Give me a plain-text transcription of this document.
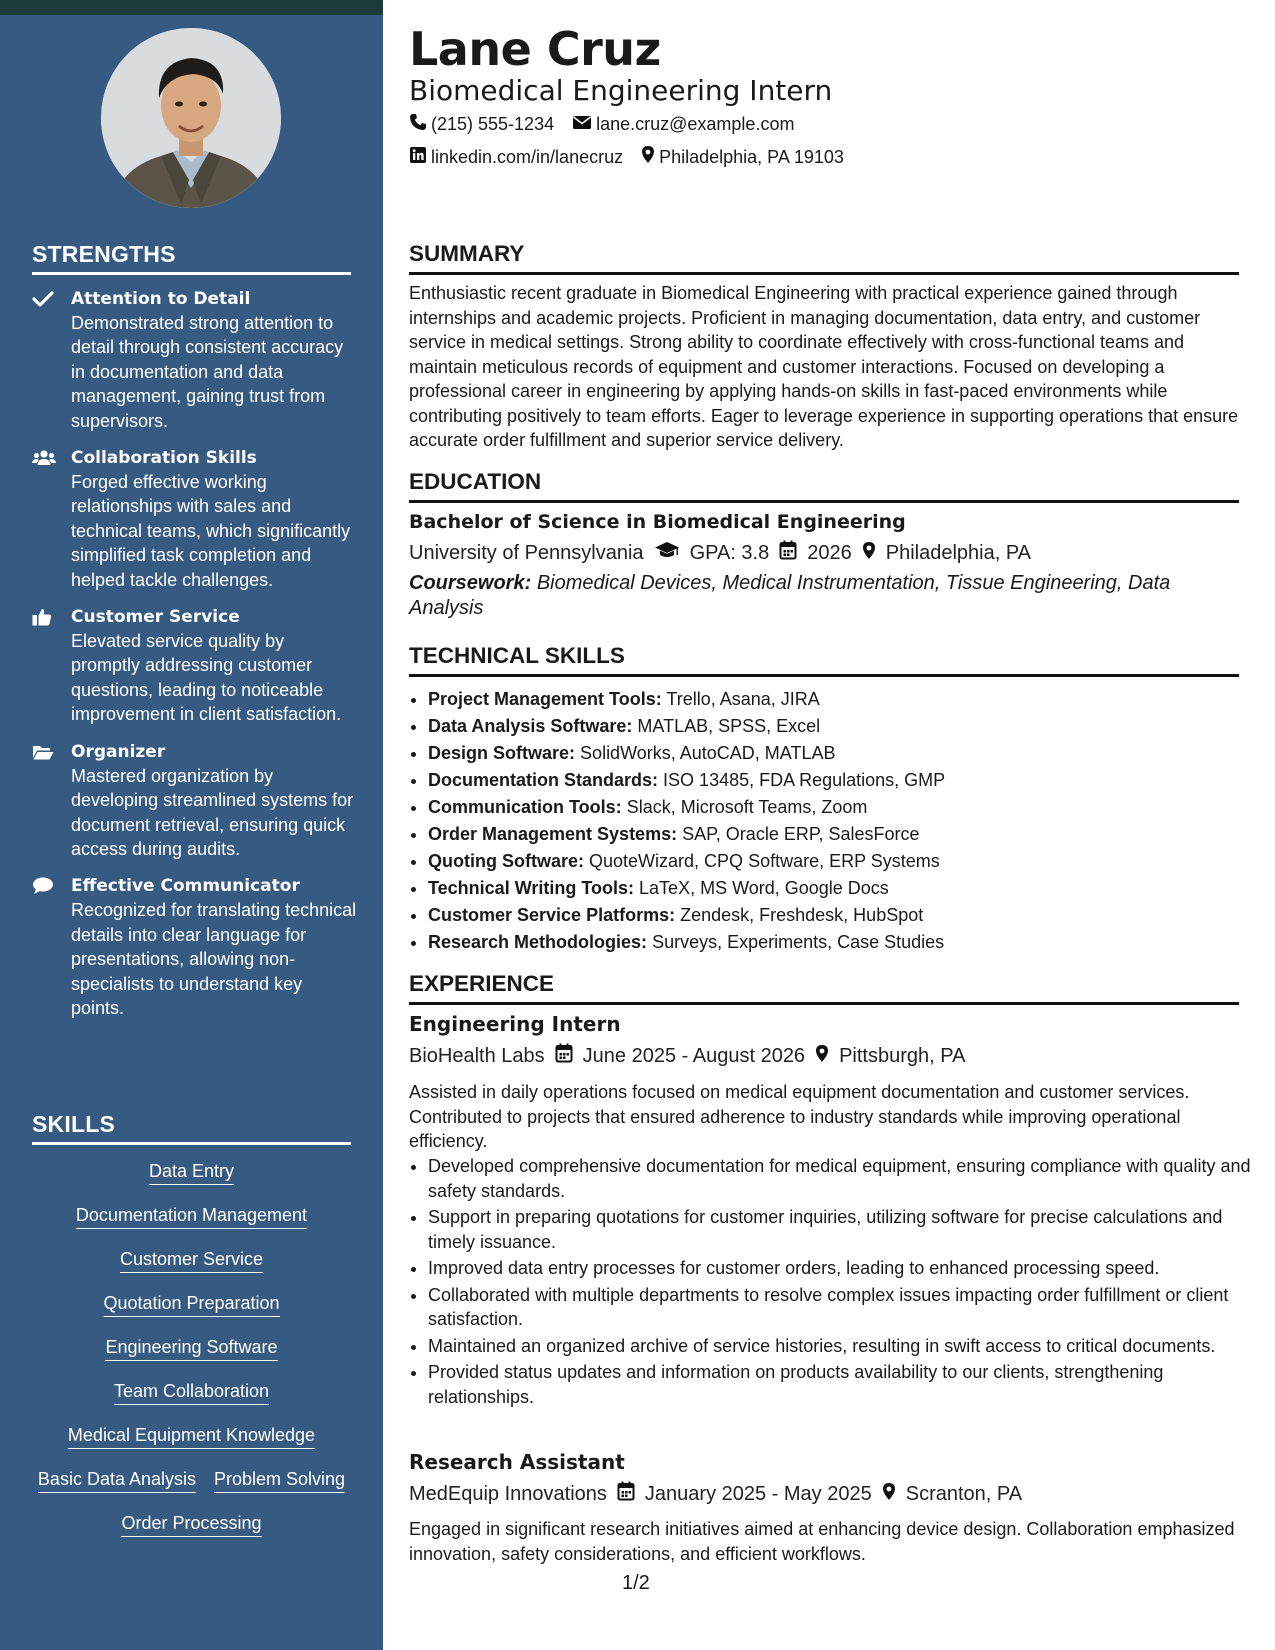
STRENGTHS
Attention to Detail
Demonstrated strong attention to detail through consistent accuracy in documentation and data management, gaining trust from supervisors.
Collaboration Skills
Forged effective working relationships with sales and technical teams, which significantly simplified task completion and helped tackle challenges.
Customer Service
Elevated service quality by promptly addressing customer questions, leading to noticeable improvement in client satisfaction.
Organizer
Mastered organization by developing streamlined systems for document retrieval, ensuring quick access during audits.
Effective Communicator
Recognized for translating technical details into clear language for presentations, allowing non-specialists to understand key points.
SKILLS
Data Entry
Documentation Management
Customer Service
Quotation Preparation
Engineering Software
Team Collaboration
Medical Equipment Knowledge
Basic Data Analysis Problem Solving
Order Processing
Lane Cruz
Biomedical Engineering Intern
(215) 555-1234 lane.cruz@example.com
linkedin.com/in/lanecruz Philadelphia, PA 19103
SUMMARY
Enthusiastic recent graduate in Biomedical Engineering with practical experience gained through internships and academic projects. Proficient in managing documentation, data entry, and customer service in medical settings. Strong ability to coordinate effectively with cross-functional teams and maintain meticulous records of equipment and customer interactions. Focused on developing a professional career in engineering by applying hands-on skills in fast-paced environments while contributing positively to team efforts. Eager to leverage experience in supporting operations that ensure accurate order fulfillment and superior service delivery.
EDUCATION
Bachelor of Science in Biomedical Engineering
University of Pennsylvania GPA: 3.8 2026 Philadelphia, PA
Coursework: Biomedical Devices, Medical Instrumentation, Tissue Engineering, Data Analysis
TECHNICAL SKILLS
• Project Management Tools: Trello, Asana, JIRA
• Data Analysis Software: MATLAB, SPSS, Excel
• Design Software: SolidWorks, AutoCAD, MATLAB
• Documentation Standards: ISO 13485, FDA Regulations, GMP
• Communication Tools: Slack, Microsoft Teams, Zoom
• Order Management Systems: SAP, Oracle ERP, SalesForce
• Quoting Software: QuoteWizard, CPQ Software, ERP Systems
• Technical Writing Tools: LaTeX, MS Word, Google Docs
• Customer Service Platforms: Zendesk, Freshdesk, HubSpot
• Research Methodologies: Surveys, Experiments, Case Studies
EXPERIENCE
Engineering Intern
BioHealth Labs June 2025 - August 2026 Pittsburgh, PA
Assisted in daily operations focused on medical equipment documentation and customer services. Contributed to projects that ensured adherence to industry standards while improving operational efficiency.
• Developed comprehensive documentation for medical equipment, ensuring compliance with quality and safety standards.
• Support in preparing quotations for customer inquiries, utilizing software for precise calculations and timely issuance.
• Improved data entry processes for customer orders, leading to enhanced processing speed.
• Collaborated with multiple departments to resolve complex issues impacting order fulfillment or client satisfaction.
• Maintained an organized archive of service histories, resulting in swift access to critical documents.
• Provided status updates and information on products availability to our clients, strengthening relationships.
Research Assistant
MedEquip Innovations January 2025 - May 2025 Scranton, PA
Engaged in significant research initiatives aimed at enhancing device design. Collaboration emphasized innovation, safety considerations, and efficient workflows.
1/2
